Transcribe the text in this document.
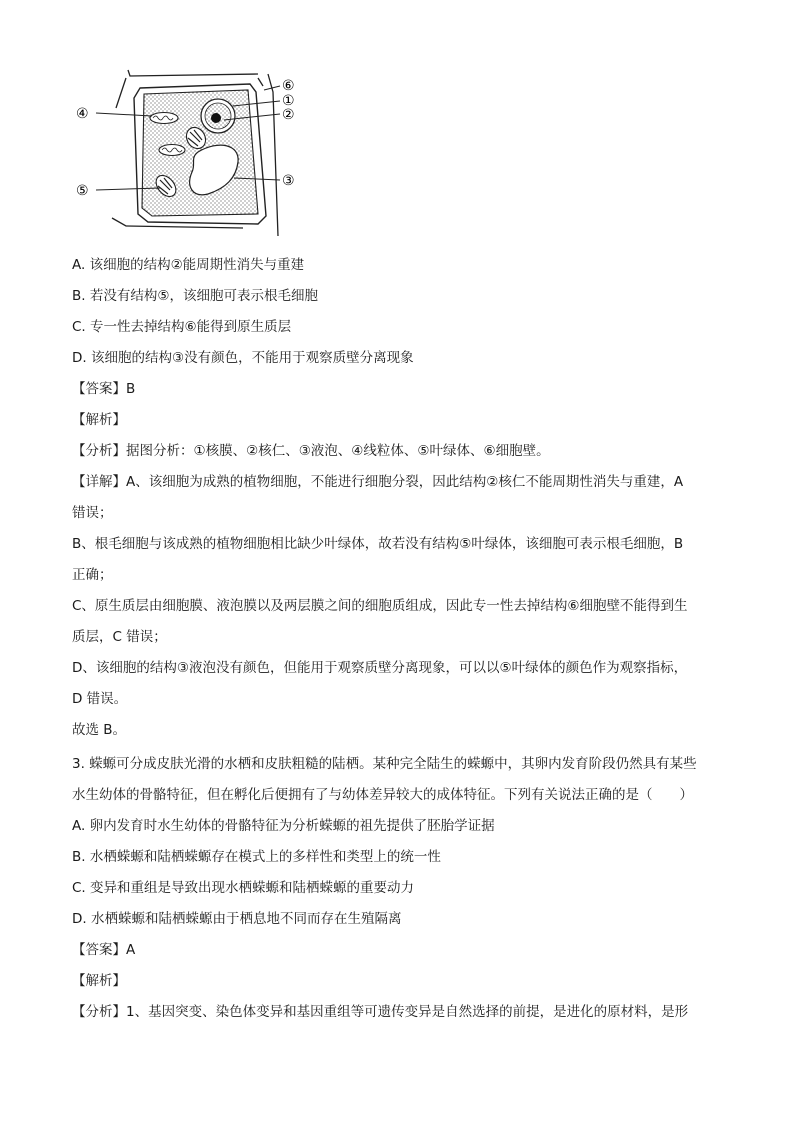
④
⑤
⑥
①
②
③
A. 该细胞的结构②能周期性消失与重建
B. 若没有结构⑤，该细胞可表示根毛细胞
C. 专一性去掉结构⑥能得到原生质层
D. 该细胞的结构③没有颜色，不能用于观察质壁分离现象
【答案】B
【解析】
【分析】据图分析：①核膜、②核仁、③液泡、④线粒体、⑤叶绿体、⑥细胞壁。
【详解】A、该细胞为成熟的植物细胞，不能进行细胞分裂，因此结构②核仁不能周期性消失与重建，A
错误；
B、根毛细胞与该成熟的植物细胞相比缺少叶绿体，故若没有结构⑤叶绿体，该细胞可表示根毛细胞，B
正确；
C、原生质层由细胞膜、液泡膜以及两层膜之间的细胞质组成，因此专一性去掉结构⑥细胞壁不能得到生
质层，C 错误；
D、该细胞的结构③液泡没有颜色，但能用于观察质壁分离现象，可以以⑤叶绿体的颜色作为观察指标，
D 错误。
故选 B。
3. 蝾螈可分成皮肤光滑的水栖和皮肤粗糙的陆栖。某种完全陆生的蝾螈中，其卵内发育阶段仍然具有某些
水生幼体的骨骼特征，但在孵化后便拥有了与幼体差异较大的成体特征。下列有关说法正确的是（　　）
A. 卵内发育时水生幼体的骨骼特征为分析蝾螈的祖先提供了胚胎学证据
B. 水栖蝾螈和陆栖蝾螈存在模式上的多样性和类型上的统一性
C. 变异和重组是导致出现水栖蝾螈和陆栖蝾螈的重要动力
D. 水栖蝾螈和陆栖蝾螈由于栖息地不同而存在生殖隔离
【答案】A
【解析】
【分析】1、基因突变、染色体变异和基因重组等可遗传变异是自然选择的前提，是进化的原材料，是形
